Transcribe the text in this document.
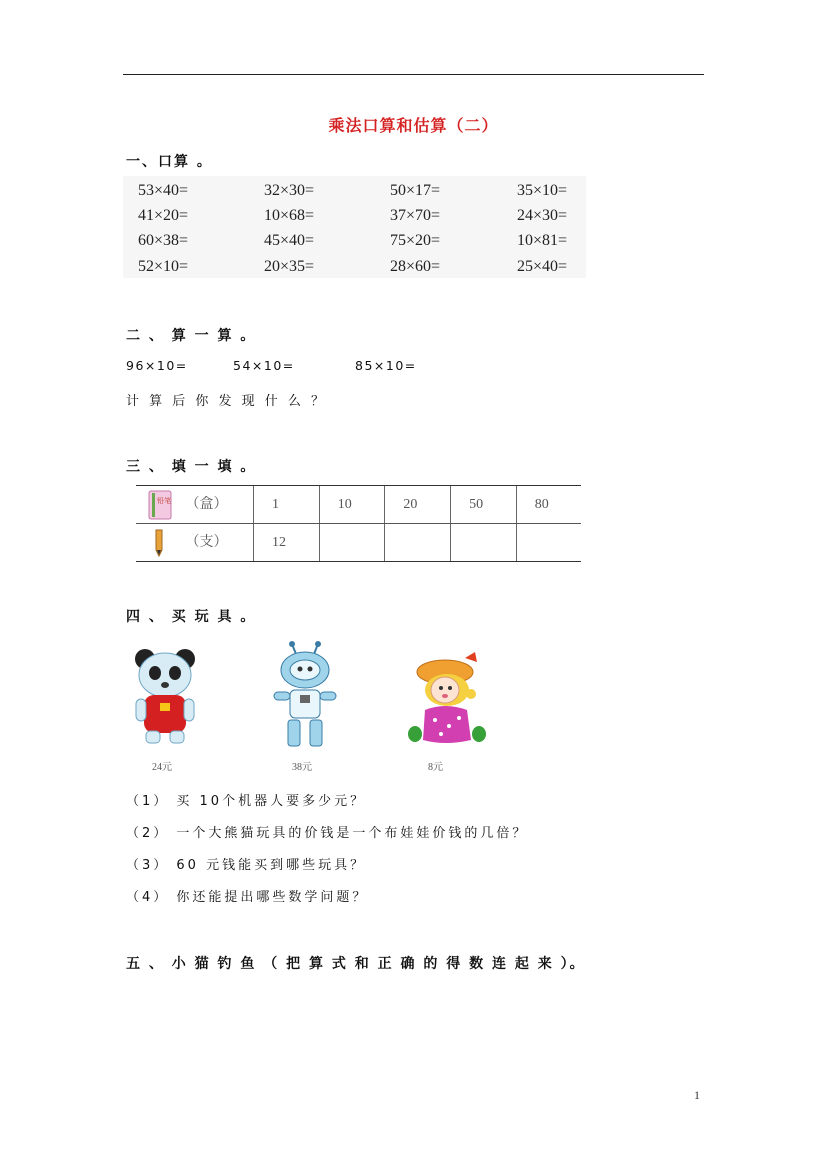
乘法口算和估算（二）
一、口算 。
53×40=	32×30=	50×17=	35×10=
41×20=	10×68=	37×70=	24×30=
60×38=	45×40=	75×20=	10×81=
52×10=	20×35=	28×60=	25×40=
二 、 算 一 算 。
96×10=	54×10=	85×10=
计 算 后 你 发 现 什 么 ？
三 、 填 一 填 。
铅笔 （盒）	1	10	20	50	80
（支）	12				
四 、 买 玩 具 。
24元	38元	8元
（1） 买 10个机器人要多少元？
（2） 一个大熊猫玩具的价钱是一个布娃娃价钱的几倍？
（3） 60 元钱能买到哪些玩具？
（4） 你还能提出哪些数学问题？
五 、 小 猫 钓 鱼 （ 把 算 式 和 正 确 的 得 数 连 起 来 ）。
1
